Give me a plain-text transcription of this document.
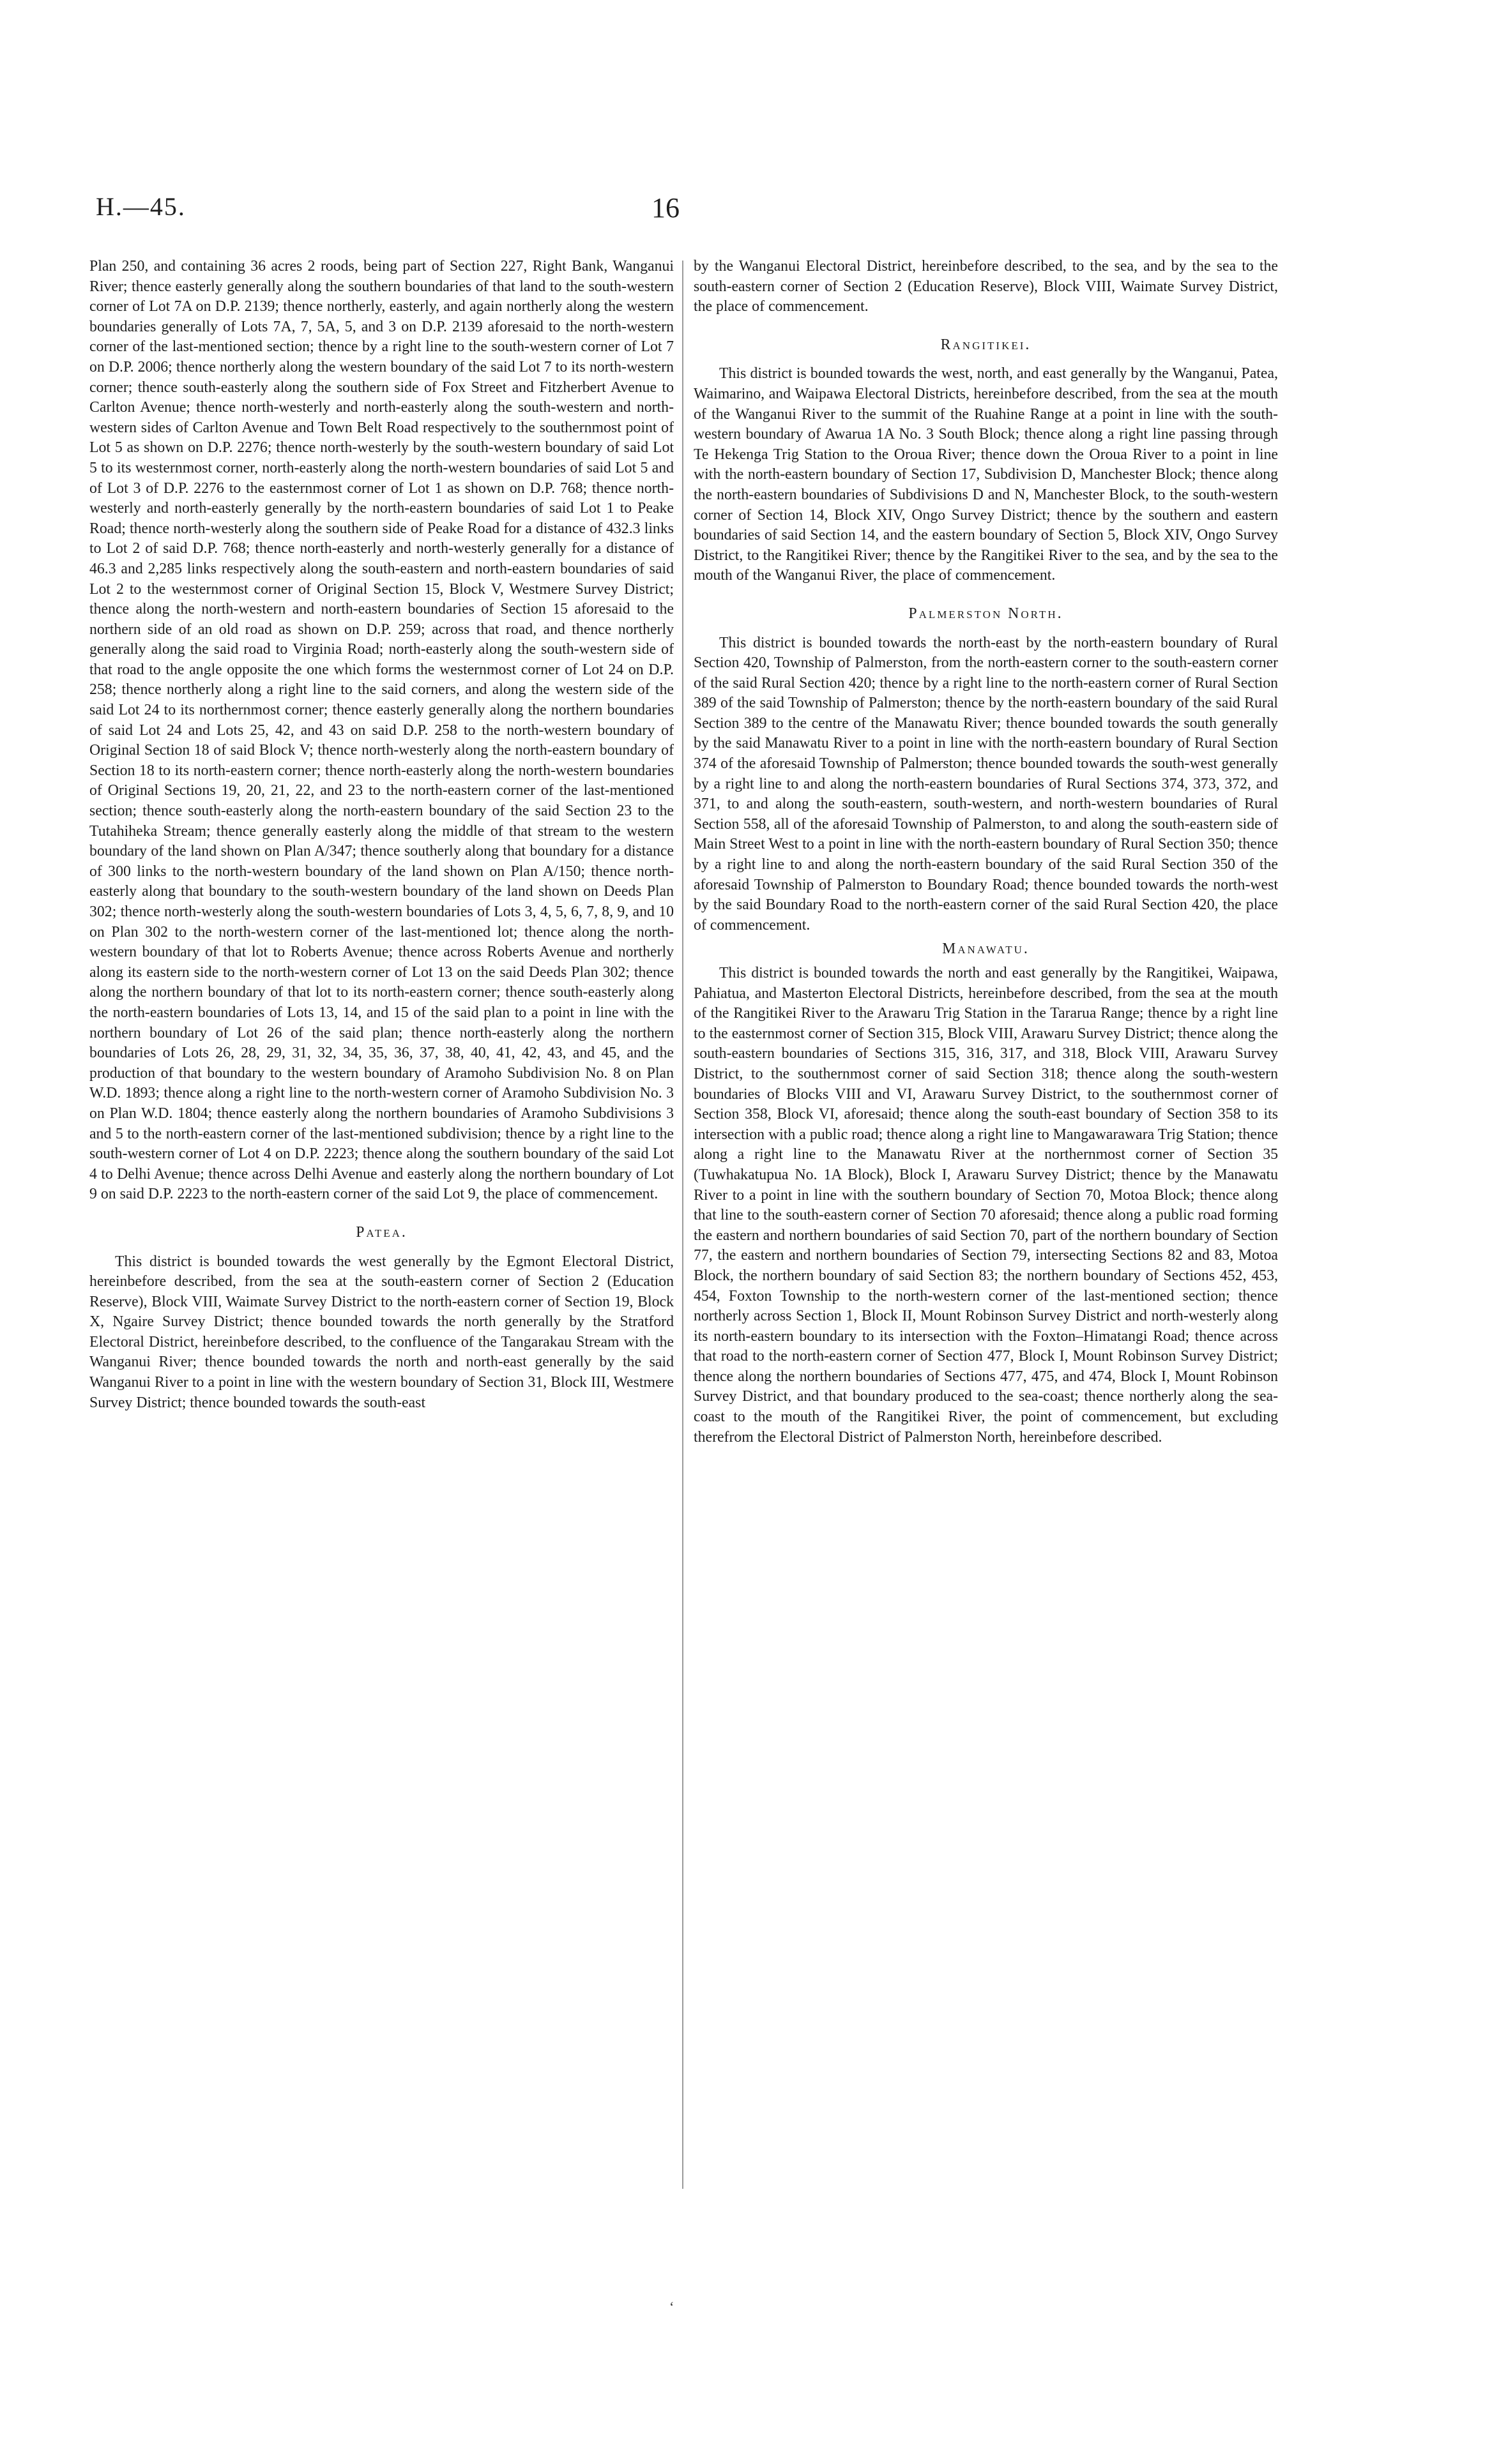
H.—45.	16

Plan 250, and containing 36 acres 2 roods, being part of Section 227, Right Bank, Wanganui River; thence easterly generally along the southern boundaries of that land to the south-western corner of Lot 7A on D.P. 2139; thence northerly, easterly, and again northerly along the western boundaries generally of Lots 7A, 7, 5A, 5, and 3 on D.P. 2139 aforesaid to the north-western corner of the last-mentioned section; thence by a right line to the south-western corner of Lot 7 on D.P. 2006; thence northerly along the western boundary of the said Lot 7 to its north-western corner; thence south-easterly along the southern side of Fox Street and Fitzherbert Avenue to Carlton Avenue; thence north-westerly and north-easterly along the south-western and north-western sides of Carlton Avenue and Town Belt Road respectively to the southernmost point of Lot 5 as shown on D.P. 2276; thence north-westerly by the south-western boundary of said Lot 5 to its westernmost corner, north-easterly along the north-western boundaries of said Lot 5 and of Lot 3 of D.P. 2276 to the easternmost corner of Lot 1 as shown on D.P. 768; thence north-westerly and north-easterly generally by the north-eastern boundaries of said Lot 1 to Peake Road; thence north-westerly along the southern side of Peake Road for a distance of 432.3 links to Lot 2 of said D.P. 768; thence north-easterly and north-westerly generally for a distance of 46.3 and 2,285 links respectively along the south-eastern and north-eastern boundaries of said Lot 2 to the westernmost corner of Original Section 15, Block V, Westmere Survey District; thence along the north-western and north-eastern boundaries of Section 15 aforesaid to the northern side of an old road as shown on D.P. 259; across that road, and thence northerly generally along the said road to Virginia Road; north-easterly along the south-western side of that road to the angle opposite the one which forms the westernmost corner of Lot 24 on D.P. 258; thence northerly along a right line to the said corners, and along the western side of the said Lot 24 to its northernmost corner; thence easterly generally along the northern boundaries of said Lot 24 and Lots 25, 42, and 43 on said D.P. 258 to the north-western boundary of Original Section 18 of said Block V; thence north-westerly along the north-eastern boundary of Section 18 to its north-eastern corner; thence north-easterly along the north-western boundaries of Original Sections 19, 20, 21, 22, and 23 to the north-eastern corner of the last-mentioned section; thence south-easterly along the north-eastern boundary of the said Section 23 to the Tutahiheka Stream; thence generally easterly along the middle of that stream to the western boundary of the land shown on Plan A/347; thence southerly along that boundary for a distance of 300 links to the north-western boundary of the land shown on Plan A/150; thence north-easterly along that boundary to the south-western boundary of the land shown on Deeds Plan 302; thence north-westerly along the south-western boundaries of Lots 3, 4, 5, 6, 7, 8, 9, and 10 on Plan 302 to the north-western corner of the last-mentioned lot; thence along the north-western boundary of that lot to Roberts Avenue; thence across Roberts Avenue and northerly along its eastern side to the north-western corner of Lot 13 on the said Deeds Plan 302; thence along the northern boundary of that lot to its north-eastern corner; thence south-easterly along the north-eastern boundaries of Lots 13, 14, and 15 of the said plan to a point in line with the northern boundary of Lot 26 of the said plan; thence north-easterly along the northern boundaries of Lots 26, 28, 29, 31, 32, 34, 35, 36, 37, 38, 40, 41, 42, 43, and 45, and the production of that boundary to the western boundary of Aramoho Subdivision No. 8 on Plan W.D. 1893; thence along a right line to the north-western corner of Aramoho Subdivision No. 3 on Plan W.D. 1804; thence easterly along the northern boundaries of Aramoho Subdivisions 3 and 5 to the north-eastern corner of the last-mentioned subdivision; thence by a right line to the south-western corner of Lot 4 on D.P. 2223; thence along the southern boundary of the said Lot 4 to Delhi Avenue; thence across Delhi Avenue and easterly along the northern boundary of Lot 9 on said D.P. 2223 to the north-eastern corner of the said Lot 9, the place of commencement.

Patea.

This district is bounded towards the west generally by the Egmont Electoral District, hereinbefore described, from the sea at the south-eastern corner of Section 2 (Education Reserve), Block VIII, Waimate Survey District to the north-eastern corner of Section 19, Block X, Ngaire Survey District; thence bounded towards the north generally by the Stratford Electoral District, hereinbefore described, to the confluence of the Tangarakau Stream with the Wanganui River; thence bounded towards the north and north-east generally by the said Wanganui River to a point in line with the western boundary of Section 31, Block III, Westmere Survey District; thence bounded towards the south-east

by the Wanganui Electoral District, hereinbefore described, to the sea, and by the sea to the south-eastern corner of Section 2 (Education Reserve), Block VIII, Waimate Survey District, the place of commencement.

Rangitikei.

This district is bounded towards the west, north, and east generally by the Wanganui, Patea, Waimarino, and Waipawa Electoral Districts, hereinbefore described, from the sea at the mouth of the Wanganui River to the summit of the Ruahine Range at a point in line with the south-western boundary of Awarua 1A No. 3 South Block; thence along a right line passing through Te Hekenga Trig Station to the Oroua River; thence down the Oroua River to a point in line with the north-eastern boundary of Section 17, Subdivision D, Manchester Block; thence along the north-eastern boundaries of Subdivisions D and N, Manchester Block, to the south-western corner of Section 14, Block XIV, Ongo Survey District; thence by the southern and eastern boundaries of said Section 14, and the eastern boundary of Section 5, Block XIV, Ongo Survey District, to the Rangitikei River; thence by the Rangitikei River to the sea, and by the sea to the mouth of the Wanganui River, the place of commencement.

Palmerston North.

This district is bounded towards the north-east by the north-eastern boundary of Rural Section 420, Township of Palmerston, from the north-eastern corner to the south-eastern corner of the said Rural Section 420; thence by a right line to the north-eastern corner of Rural Section 389 of the said Township of Palmerston; thence by the north-eastern boundary of the said Rural Section 389 to the centre of the Manawatu River; thence bounded towards the south generally by the said Manawatu River to a point in line with the north-eastern boundary of Rural Section 374 of the aforesaid Township of Palmerston; thence bounded towards the south-west generally by a right line to and along the north-eastern boundaries of Rural Sections 374, 373, 372, and 371, to and along the south-eastern, south-western, and north-western boundaries of Rural Section 558, all of the aforesaid Township of Palmerston, to and along the south-eastern side of Main Street West to a point in line with the north-eastern boundary of Rural Section 350; thence by a right line to and along the north-eastern boundary of the said Rural Section 350 of the aforesaid Township of Palmerston to Boundary Road; thence bounded towards the north-west by the said Boundary Road to the north-eastern corner of the said Rural Section 420, the place of commencement.

Manawatu.

This district is bounded towards the north and east generally by the Rangitikei, Waipawa, Pahiatua, and Masterton Electoral Districts, hereinbefore described, from the sea at the mouth of the Rangitikei River to the Arawaru Trig Station in the Tararua Range; thence by a right line to the easternmost corner of Section 315, Block VIII, Arawaru Survey District; thence along the south-eastern boundaries of Sections 315, 316, 317, and 318, Block VIII, Arawaru Survey District, to the southernmost corner of said Section 318; thence along the south-western boundaries of Blocks VIII and VI, Arawaru Survey District, to the southernmost corner of Section 358, Block VI, aforesaid; thence along the south-east boundary of Section 358 to its intersection with a public road; thence along a right line to Mangawarawara Trig Station; thence along a right line to the Manawatu River at the northernmost corner of Section 35 (Tuwhakatupua No. 1A Block), Block I, Arawaru Survey District; thence by the Manawatu River to a point in line with the southern boundary of Section 70, Motoa Block; thence along that line to the south-eastern corner of Section 70 aforesaid; thence along a public road forming the eastern and northern boundaries of said Section 70, part of the northern boundary of Section 77, the eastern and northern boundaries of Section 79, intersecting Sections 82 and 83, Motoa Block, the northern boundary of said Section 83; the northern boundary of Sections 452, 453, 454, Foxton Township to the north-western corner of the last-mentioned section; thence northerly across Section 1, Block II, Mount Robinson Survey District and north-westerly along its north-eastern boundary to its intersection with the Foxton–Himatangi Road; thence across that road to the north-eastern corner of Section 477, Block I, Mount Robinson Survey District; thence along the northern boundaries of Sections 477, 475, and 474, Block I, Mount Robinson Survey District, and that boundary produced to the sea-coast; thence northerly along the sea-coast to the mouth of the Rangitikei River, the point of commencement, but excluding therefrom the Electoral District of Palmerston North, hereinbefore described.

ʻ
